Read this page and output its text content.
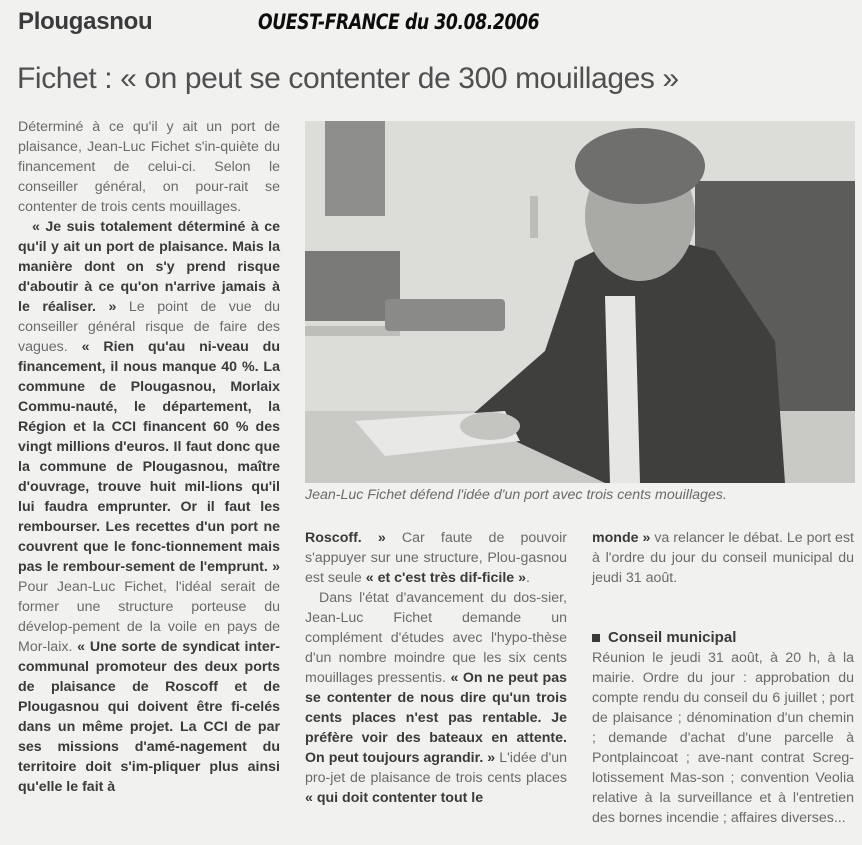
Plougasnou	OUEST-FRANCE du 30.08.2006
Fichet : « on peut se contenter de 300 mouillages »

Déterminé à ce qu'il y ait un port de plaisance, Jean-Luc Fichet s'in-quiète du financement de celui-ci. Selon le conseiller général, on pour-rait se contenter de trois cents mouillages.

« Je suis totalement déterminé à ce qu'il y ait un port de plaisance. Mais la manière dont on s'y prend risque d'aboutir à ce qu'on n'arrive jamais à le réaliser. » Le point de vue du conseiller général risque de faire des vagues. « Rien qu'au ni-veau du financement, il nous manque 40 %. La commune de Plougasnou, Morlaix Commu-nauté, le département, la Région et la CCI financent 60 % des vingt millions d'euros. Il faut donc que la commune de Plougasnou, maître d'ouvrage, trouve huit mil-lions qu'il lui faudra emprunter. Or il faut les rembourser. Les recettes d'un port ne couvrent que le fonc-tionnement mais pas le rembour-sement de l'emprunt. » Pour Jean-Luc Fichet, l'idéal serait de former une structure porteuse du dévelop-pement de la voile en pays de Mor-laix. « Une sorte de syndicat inter-communal promoteur des deux ports de plaisance de Roscoff et de Plougasnou qui doivent être fi-celés dans un même projet. La CCI de par ses missions d'amé-nagement du territoire doit s'im-pliquer plus ainsi qu'elle le fait à

Jean-Luc Fichet défend l'idée d'un port avec trois cents mouillages.

Roscoff. » Car faute de pouvoir s'appuyer sur une structure, Plou-gasnou est seule « et c'est très dif-ficile ».

Dans l'état d'avancement du dos-sier, Jean-Luc Fichet demande un complément d'études avec l'hypo-thèse d'un nombre moindre que les six cents mouillages pressentis. « On ne peut pas se contenter de nous dire qu'un trois cents places n'est pas rentable. Je préfère voir des bateaux en attente. On peut toujours agrandir. » L'idée d'un pro-jet de plaisance de trois cents places « qui doit contenter tout le

monde » va relancer le débat. Le port est à l'ordre du jour du conseil municipal du jeudi 31 août.

Conseil municipal

Réunion le jeudi 31 août, à 20 h, à la mairie. Ordre du jour : approbation du compte rendu du conseil du 6 juillet ; port de plaisance ; dénomination d'un chemin ; demande d'achat d'une parcelle à Pontplaincoat ; ave-nant contrat Screg-lotissement Mas-son ; convention Veolia relative à la surveillance et à l'entretien des bornes incendie ; affaires diverses...
